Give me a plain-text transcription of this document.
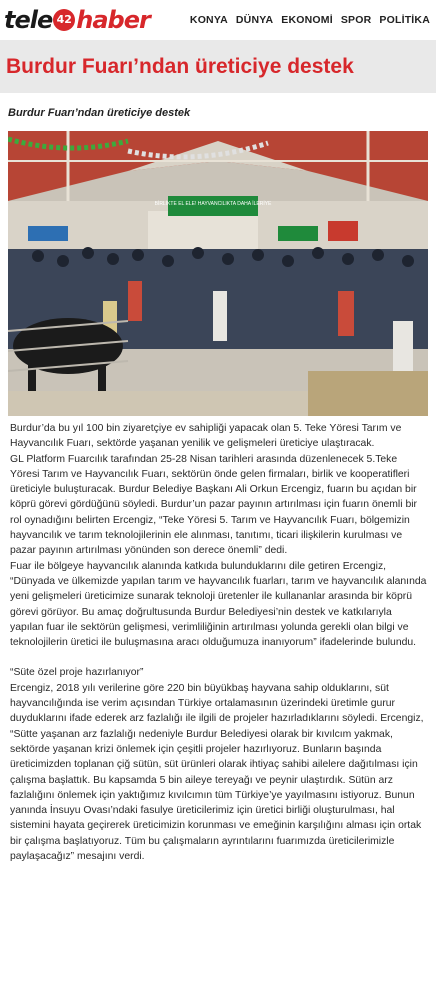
tele 42 haber	KONYA DÜNYA EKONOMİ SPOR POLİTİKA
Burdur Fuarı’ndan üreticiye destek
Burdur Fuarı’ndan üreticiye destek
BİRLİKTE EL ELE! HAYVANCILIKTA DAHA İLERİYE

Burdur’da bu yıl 100 bin ziyaretçiye ev sahipliği yapacak olan 5. Teke Yöresi Tarım ve Hayvancılık Fuarı, sektörde yaşanan yenilik ve gelişmeleri üreticiye ulaştıracak.

GL Platform Fuarcılık tarafından 25-28 Nisan tarihleri arasında düzenlenecek 5.Teke Yöresi Tarım ve Hayvancılık Fuarı, sektörün önde gelen firmaları, birlik ve kooperatifleri üreticiyle buluşturacak. Burdur Belediye Başkanı Ali Orkun Ercengiz, fuarın bu açıdan bir köprü görevi gördüğünü söyledi. Burdur’un pazar payının artırılması için fuarın önemli bir rol oynadığını belirten Ercengiz, “Teke Yöresi 5. Tarım ve Hayvancılık Fuarı, bölgemizin hayvancılık ve tarım teknolojilerinin ele alınması, tanıtımı, ticari ilişkilerin kurulması ve pazar payının artırılması yönünden son derece önemli” dedi.

Fuar ile bölgeye hayvancılık alanında katkıda bulunduklarını dile getiren Ercengiz, “Dünyada ve ülkemizde yapılan tarım ve hayvancılık fuarları, tarım ve hayvancılık alanında yeni gelişmeleri üreticimize sunarak teknoloji üretenler ile kullananlar arasında bir köprü görevi görüyor. Bu amaç doğrultusunda Burdur Belediyesi’nin destek ve katkılarıyla yapılan fuar ile sektörün gelişmesi, verimliliğinin artırılması yolunda gerekli olan bilgi ve teknolojilerin üretici ile buluşmasına aracı olduğumuza inanıyorum” ifadelerinde bulundu.

“Süte özel proje hazırlanıyor”

Ercengiz, 2018 yılı verilerine göre 220 bin büyükbaş hayvana sahip olduklarını, süt hayvancılığında ise verim açısından Türkiye ortalamasının üzerindeki üretimle gurur duyduklarını ifade ederek arz fazlalığı ile ilgili de projeler hazırladıklarını söyledi. Ercengiz, “Sütte yaşanan arz fazlalığı nedeniyle Burdur Belediyesi olarak bir kıvılcım yakmak, sektörde yaşanan krizi önlemek için çeşitli projeler hazırlıyoruz. Bunların başında üreticimizden toplanan çiğ sütün, süt ürünleri olarak ihtiyaç sahibi ailelere dağıtılması için çalışma başlattık. Bu kapsamda 5 bin aileye tereyağı ve peynir ulaştırdık. Sütün arz fazlalığını önlemek için yaktığımız kıvılcımın tüm Türkiye’ye yayılmasını istiyoruz. Bunun yanında İnsuyu Ovası’ndaki fasulye üreticilerimiz için üretici birliği oluşturulması, hal sistemini hayata geçirerek üreticimizin korunması ve emeğinin karşılığını alması için ortak bir çalışma başlatıyoruz. Tüm bu çalışmaların ayrıntılarını fuarımızda üreticilerimizle paylaşacağız” mesajını verdi.
